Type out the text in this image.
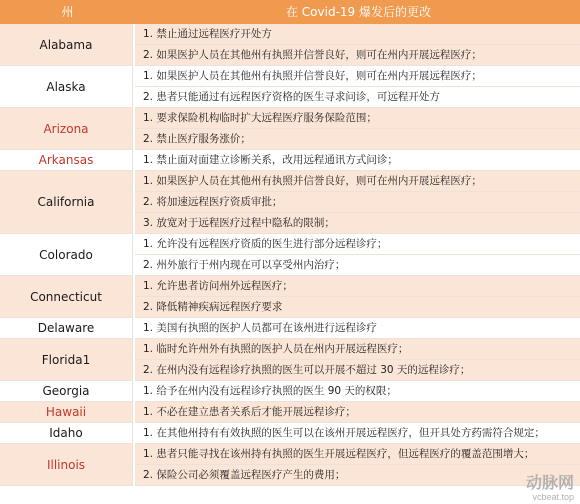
州	在 Covid-19 爆发后的更改
Alabama
1. 禁止通过远程医疗开处方
2. 如果医护人员在其他州有执照并信誉良好，则可在州内开展远程医疗；
Alaska
1. 如果医护人员在其他州有执照并信誉良好，则可在州内开展远程医疗；
2. 患者只能通过有远程医疗资格的医生寻求问诊，可远程开处方
Arizona
1. 要求保险机构临时扩大远程医疗服务保险范围；
2. 禁止医疗服务涨价；
Arkansas	1. 禁止面对面建立诊断关系，改用远程通讯方式问诊；
California
1. 如果医护人员在其他州有执照并信誉良好，则可在州内开展远程医疗；
2. 将加速远程医疗资质审批；
3. 放宽对于远程医疗过程中隐私的限制；
Colorado
1. 允许没有远程医疗资质的医生进行部分远程诊疗；
2. 州外旅行于州内现在可以享受州内治疗；
Connecticut
1. 允许患者访问州外远程医疗；
2. 降低精神疾病远程医疗要求
Delaware	1. 美国有执照的医护人员都可在该州进行远程诊疗
Florida1
1. 临时允许州外有执照的医护人员在州内开展远程医疗；
2. 在州内没有远程诊疗执照的医生可以开展不超过 30 天的远程诊疗；
Georgia	1. 给予在州内没有远程诊疗执照的医生 90 天的权限；
Hawaii	1. 不必在建立患者关系后才能开展远程诊疗；
Idaho	1. 在其他州持有有效执照的医生可以在该州开展远程医疗，但开具处方药需符合规定；
Illinois
1. 患者只能寻找在该州持有执照的医生开展远程医疗，但远程医疗的覆盖范围增大；
2. 保险公司必须覆盖远程医疗产生的费用；	动脉网
vcbeat.top
